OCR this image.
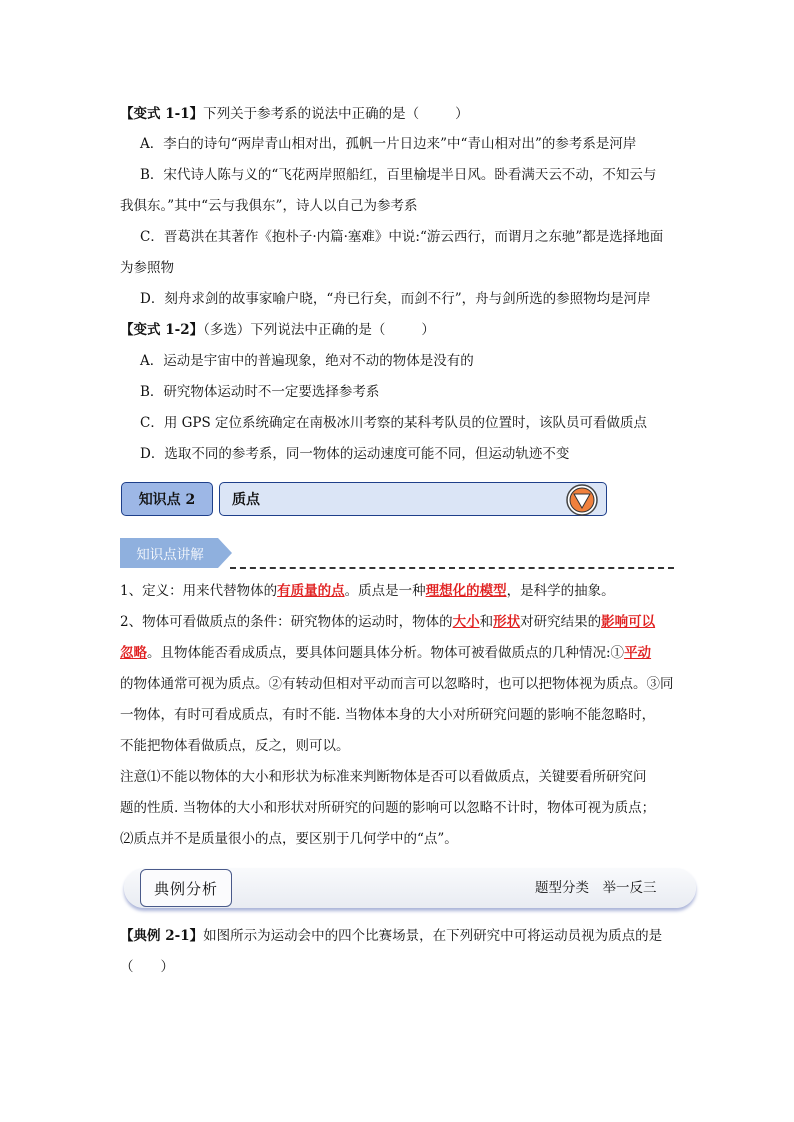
【变式 1-1】下列关于参考系的说法中正确的是（	）
A．李白的诗句“两岸青山相对出，孤帆一片日边来”中“青山相对出”的参考系是河岸
B．宋代诗人陈与义的“飞花两岸照船红，百里榆堤半日风。卧看满天云不动，不知云与
我俱东。”其中“云与我俱东”，诗人以自己为参考系
C．晋葛洪在其著作《抱朴子·内篇·塞难》中说:“游云西行，而谓月之东驰”都是选择地面
为参照物
D．刻舟求剑的故事家喻户晓，“舟已行矣，而剑不行”，舟与剑所选的参照物均是河岸
【变式 1-2】（多选）下列说法中正确的是（	）
A．运动是宇宙中的普遍现象，绝对不动的物体是没有的
B．研究物体运动时不一定要选择参考系
C．用 GPS 定位系统确定在南极冰川考察的某科考队员的位置时，该队员可看做质点
D．选取不同的参考系，同一物体的运动速度可能不同，但运动轨迹不变
知识点 2	质点
知识点讲解
1、定义：用来代替物体的有质量的点。质点是一种理想化的模型，是科学的抽象。
2、物体可看做质点的条件：研究物体的运动时，物体的大小和形状对研究结果的影响可以
忽略。且物体能否看成质点，要具体问题具体分析。物体可被看做质点的几种情况:①平动
的物体通常可视为质点。②有转动但相对平动而言可以忽略时，也可以把物体视为质点。③同
一物体，有时可看成质点，有时不能. 当物体本身的大小对所研究问题的影响不能忽略时，
不能把物体看做质点，反之，则可以。
注意⑴不能以物体的大小和形状为标准来判断物体是否可以看做质点，关键要看所研究问
题的性质. 当物体的大小和形状对所研究的问题的影响可以忽略不计时，物体可视为质点；
⑵质点并不是质量很小的点，要区别于几何学中的“点”。
典例分析	题型分类　举一反三
【典例 2-1】如图所示为运动会中的四个比赛场景，在下列研究中可将运动员视为质点的是
（　　）
